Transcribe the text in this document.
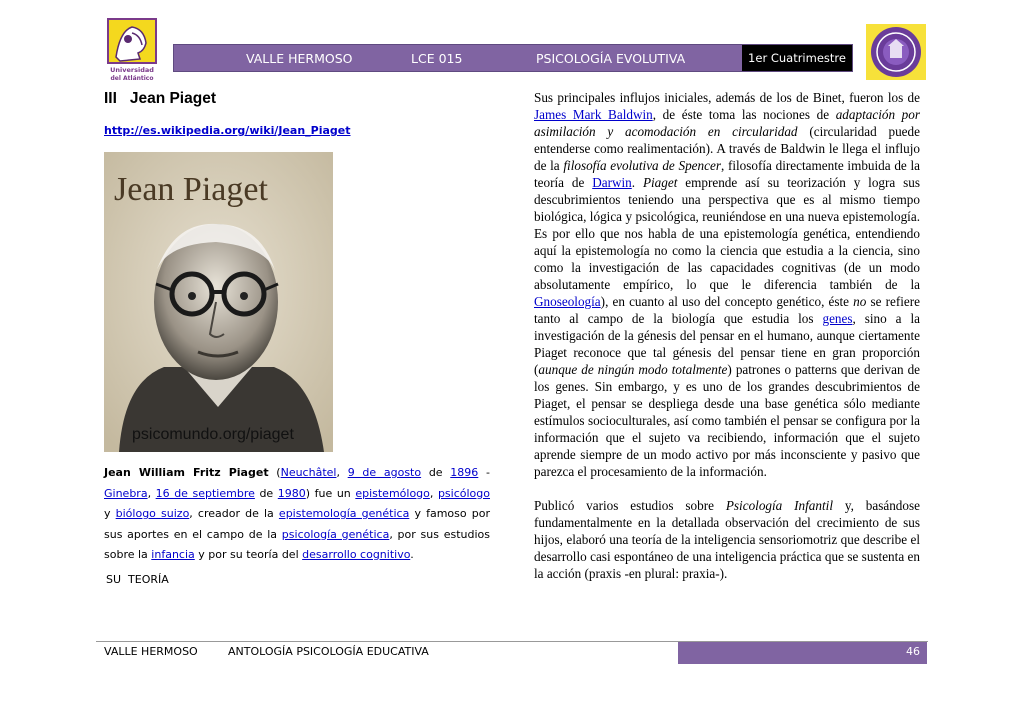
Universidad
del Atlántico
VALLE HERMOSO	LCE 015	PSICOLOGÍA EVOLUTIVA	1er Cuatrimestre
III   Jean Piaget
http://es.wikipedia.org/wiki/Jean_Piaget
Jean Piaget
psicomundo.org/piaget
Jean William Fritz Piaget (Neuchâtel, 9 de agosto de 1896 - Ginebra, 16 de septiembre de 1980) fue un epistemólogo, psicólogo y biólogo suizo, creador de la epistemología genética y famoso por sus aportes en el campo de la psicología genética, por sus estudios sobre la infancia y por su teoría del desarrollo cognitivo.
SU  TEORÍA

Sus principales influjos iniciales, además de los de Binet, fueron los de James Mark Baldwin, de éste toma las nociones de adaptación por asimilación y acomodación en circularidad (circularidad puede entenderse como realimentación). A través de Baldwin le llega el influjo de la filosofía evolutiva de Spencer, filosofía directamente imbuida de la teoría de Darwin. Piaget emprende así su teorización y logra sus descubrimientos teniendo una perspectiva que es al mismo tiempo biológica, lógica y psicológica, reuniéndose en una nueva epistemología. Es por ello que nos habla de una epistemología genética, entendiendo aquí la epistemología no como la ciencia que estudia a la ciencia, sino como la investigación de las capacidades cognitivas (de un modo absolutamente empírico, lo que le diferencia también de la Gnoseología), en cuanto al uso del concepto genético, éste no se refiere tanto al campo de la biología que estudia los genes, sino a la investigación de la génesis del pensar en el humano, aunque ciertamente Piaget reconoce que tal génesis del pensar tiene en gran proporción (aunque de ningún modo totalmente) patrones o patterns que derivan de los genes. Sin embargo, y es uno de los grandes descubrimientos de Piaget, el pensar se despliega desde una base genética sólo mediante estímulos socioculturales, así como también el pensar se configura por la información que el sujeto va recibiendo, información que el sujeto aprende siempre de un modo activo por más inconsciente y pasivo que parezca el procesamiento de la información.

Publicó varios estudios sobre Psicología Infantil y, basándose fundamentalmente en la detallada observación del crecimiento de sus hijos, elaboró una teoría de la inteligencia sensoriomotriz que describe el desarrollo casi espontáneo de una inteligencia práctica que se sustenta en la acción (praxis -en plural: praxia-).

VALLE HERMOSO	ANTOLOGÍA PSICOLOGÍA EDUCATIVA	46
